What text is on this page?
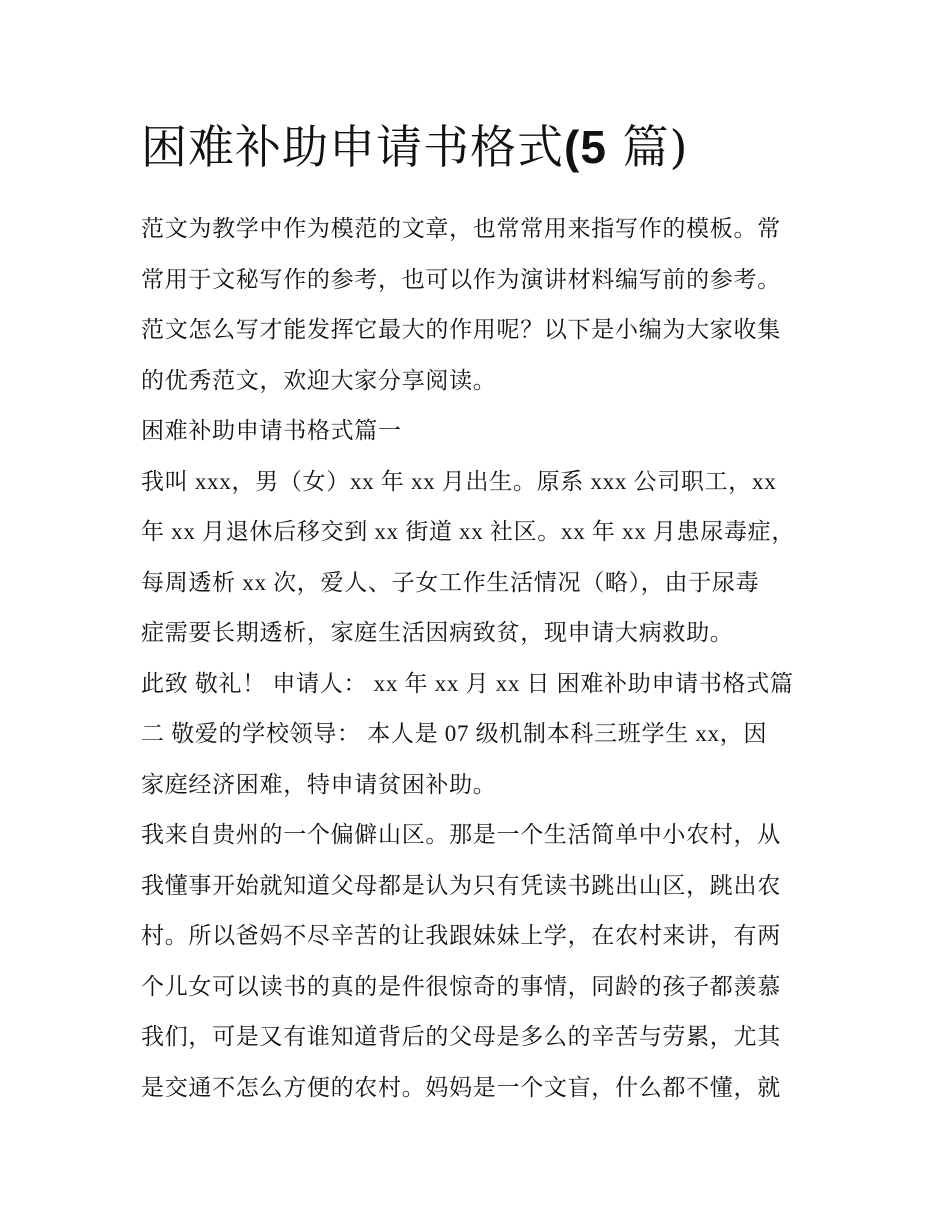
困难补助申请书格式(5 篇)
范文为教学中作为模范的文章，也常常用来指写作的模板。常
常用于文秘写作的参考，也可以作为演讲材料编写前的参考。
范文怎么写才能发挥它最大的作用呢？以下是小编为大家收集
的优秀范文，欢迎大家分享阅读。
困难补助申请书格式篇一
我叫 xxx，男（女）xx 年 xx 月出生。原系 xxx 公司职工，xx
年 xx 月退休后移交到 xx 街道 xx 社区。xx 年 xx 月患尿毒症，
每周透析 xx 次，爱人、子女工作生活情况（略），由于尿毒
症需要长期透析，家庭生活因病致贫，现申请大病救助。
此致 敬礼！ 申请人： xx 年 xx 月 xx 日 困难补助申请书格式篇
二 敬爱的学校领导： 本人是 07 级机制本科三班学生 xx，因
家庭经济困难，特申请贫困补助。
我来自贵州的一个偏僻山区。那是一个生活简单中小农村，从
我懂事开始就知道父母都是认为只有凭读书跳出山区，跳出农
村。所以爸妈不尽辛苦的让我跟妹妹上学，在农村来讲，有两
个儿女可以读书的真的是件很惊奇的事情，同龄的孩子都羡慕
我们，可是又有谁知道背后的父母是多么的辛苦与劳累，尤其
是交通不怎么方便的农村。妈妈是一个文盲，什么都不懂，就
